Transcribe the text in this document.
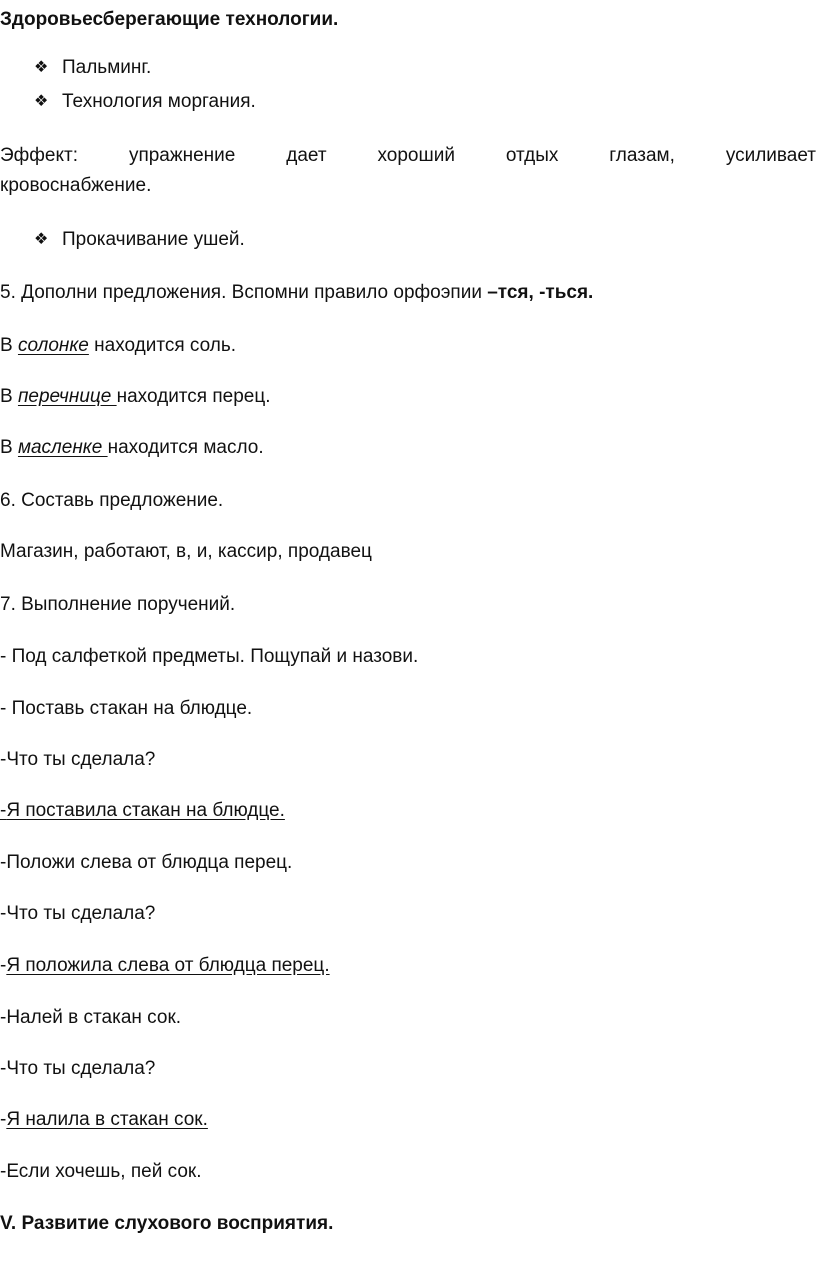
Здоровьесберегающие технологии.
❖ Пальминг.
❖ Технология моргания.
Эффект:	упражнение	дает	хороший	отдых	глазам,	усиливает
кровоснабжение.
❖ Прокачивание ушей.
5. Дополни предложения. Вспомни правило орфоэпии –тся, -ться.
В солонке находится соль.
В перечнице находится перец.
В масленке находится масло.
6. Составь предложение.
Магазин, работают, в, и, кассир, продавец
7. Выполнение поручений.
- Под салфеткой предметы. Пощупай и назови.
- Поставь стакан на блюдце.
-Что ты сделала?
-Я поставила стакан на блюдце.
-Положи слева от блюдца перец.
-Что ты сделала?
-Я положила слева от блюдца перец.
-Налей в стакан сок.
-Что ты сделала?
-Я налила в стакан сок.
-Если хочешь, пей сок.
V. Развитие слухового восприятия.
